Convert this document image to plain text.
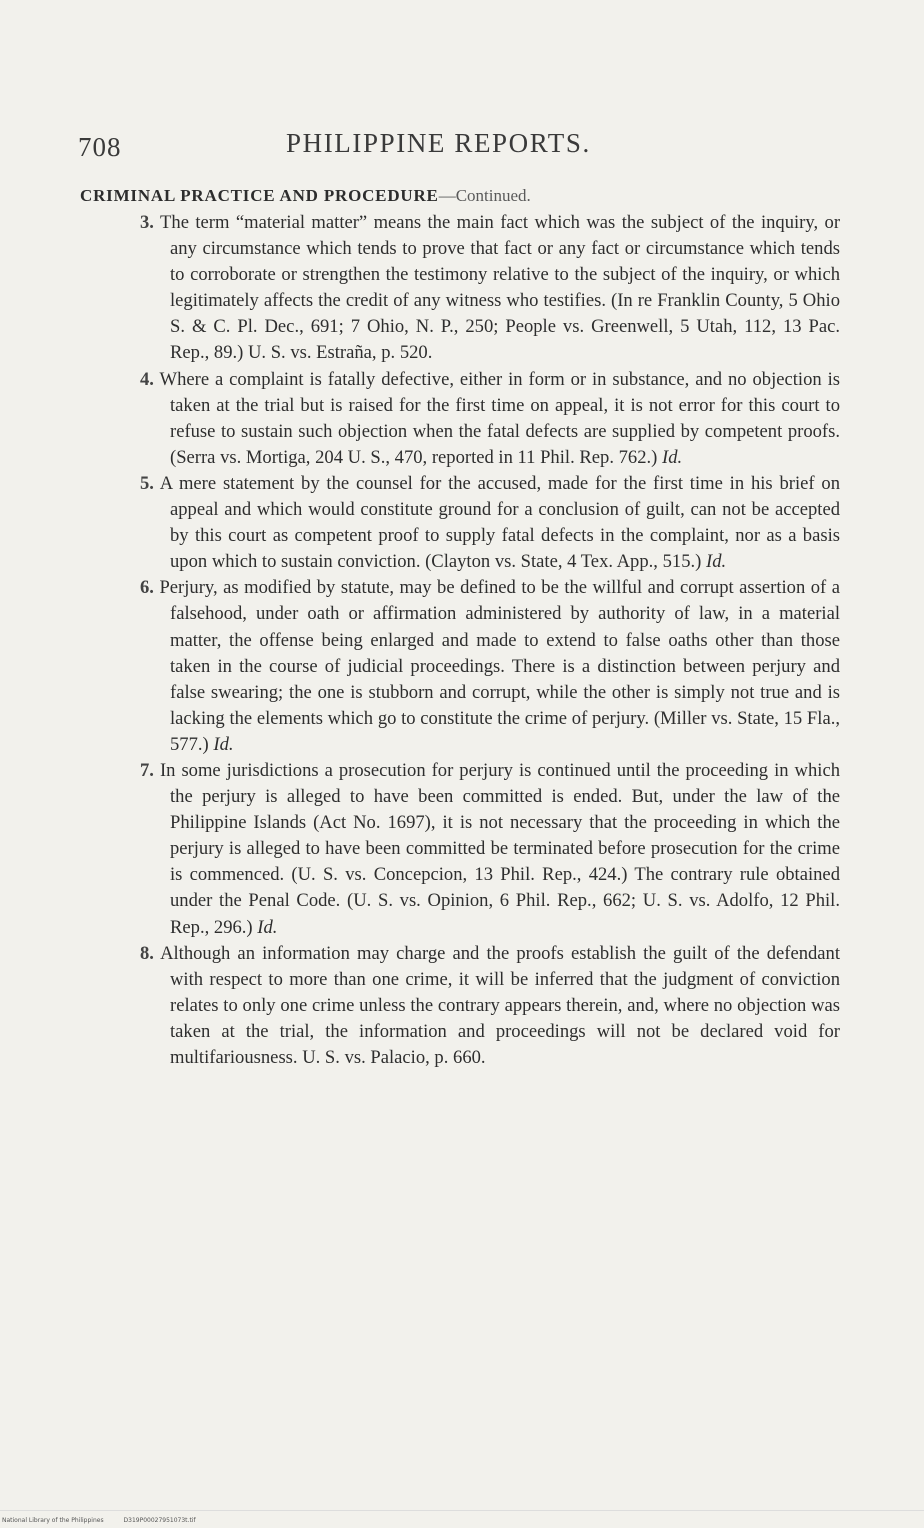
708	PHILIPPINE REPORTS.
CRIMINAL PRACTICE AND PROCEDURE—Continued.

3. The term “material matter” means the main fact which was the subject of the inquiry, or any circumstance which tends to prove that fact or any fact or circumstance which tends to corroborate or strengthen the testimony relative to the subject of the inquiry, or which legitimately affects the credit of any witness who testifies. (In re Franklin County, 5 Ohio S. & C. Pl. Dec., 691; 7 Ohio, N. P., 250; People vs. Greenwell, 5 Utah, 112, 13 Pac. Rep., 89.) U. S. vs. Estraña, p. 520.

4. Where a complaint is fatally defective, either in form or in substance, and no objection is taken at the trial but is raised for the first time on appeal, it is not error for this court to refuse to sustain such objection when the fatal defects are supplied by competent proofs. (Serra vs. Mortiga, 204 U. S., 470, reported in 11 Phil. Rep. 762.) Id.

5. A mere statement by the counsel for the accused, made for the first time in his brief on appeal and which would constitute ground for a conclusion of guilt, can not be accepted by this court as competent proof to supply fatal defects in the complaint, nor as a basis upon which to sustain conviction. (Clayton vs. State, 4 Tex. App., 515.) Id.

6. Perjury, as modified by statute, may be defined to be the willful and corrupt assertion of a falsehood, under oath or affirmation administered by authority of law, in a material matter, the offense being enlarged and made to extend to false oaths other than those taken in the course of judicial proceedings. There is a distinction between perjury and false swearing; the one is stubborn and corrupt, while the other is simply not true and is lacking the elements which go to constitute the crime of perjury. (Miller vs. State, 15 Fla., 577.) Id.

7. In some jurisdictions a prosecution for perjury is continued until the proceeding in which the perjury is alleged to have been committed is ended. But, under the law of the Philippine Islands (Act No. 1697), it is not necessary that the proceeding in which the perjury is alleged to have been committed be terminated before prosecution for the crime is commenced. (U. S. vs. Concepcion, 13 Phil. Rep., 424.) The contrary rule obtained under the Penal Code. (U. S. vs. Opinion, 6 Phil. Rep., 662; U. S. vs. Adolfo, 12 Phil. Rep., 296.) Id.

8. Although an information may charge and the proofs establish the guilt of the defendant with respect to more than one crime, it will be inferred that the judgment of conviction relates to only one crime unless the contrary appears therein, and, where no objection was taken at the trial, the information and proceedings will not be declared void for multifariousness. U. S. vs. Palacio, p. 660.

National Library of the Philippines	D319P00027951073t.tif
